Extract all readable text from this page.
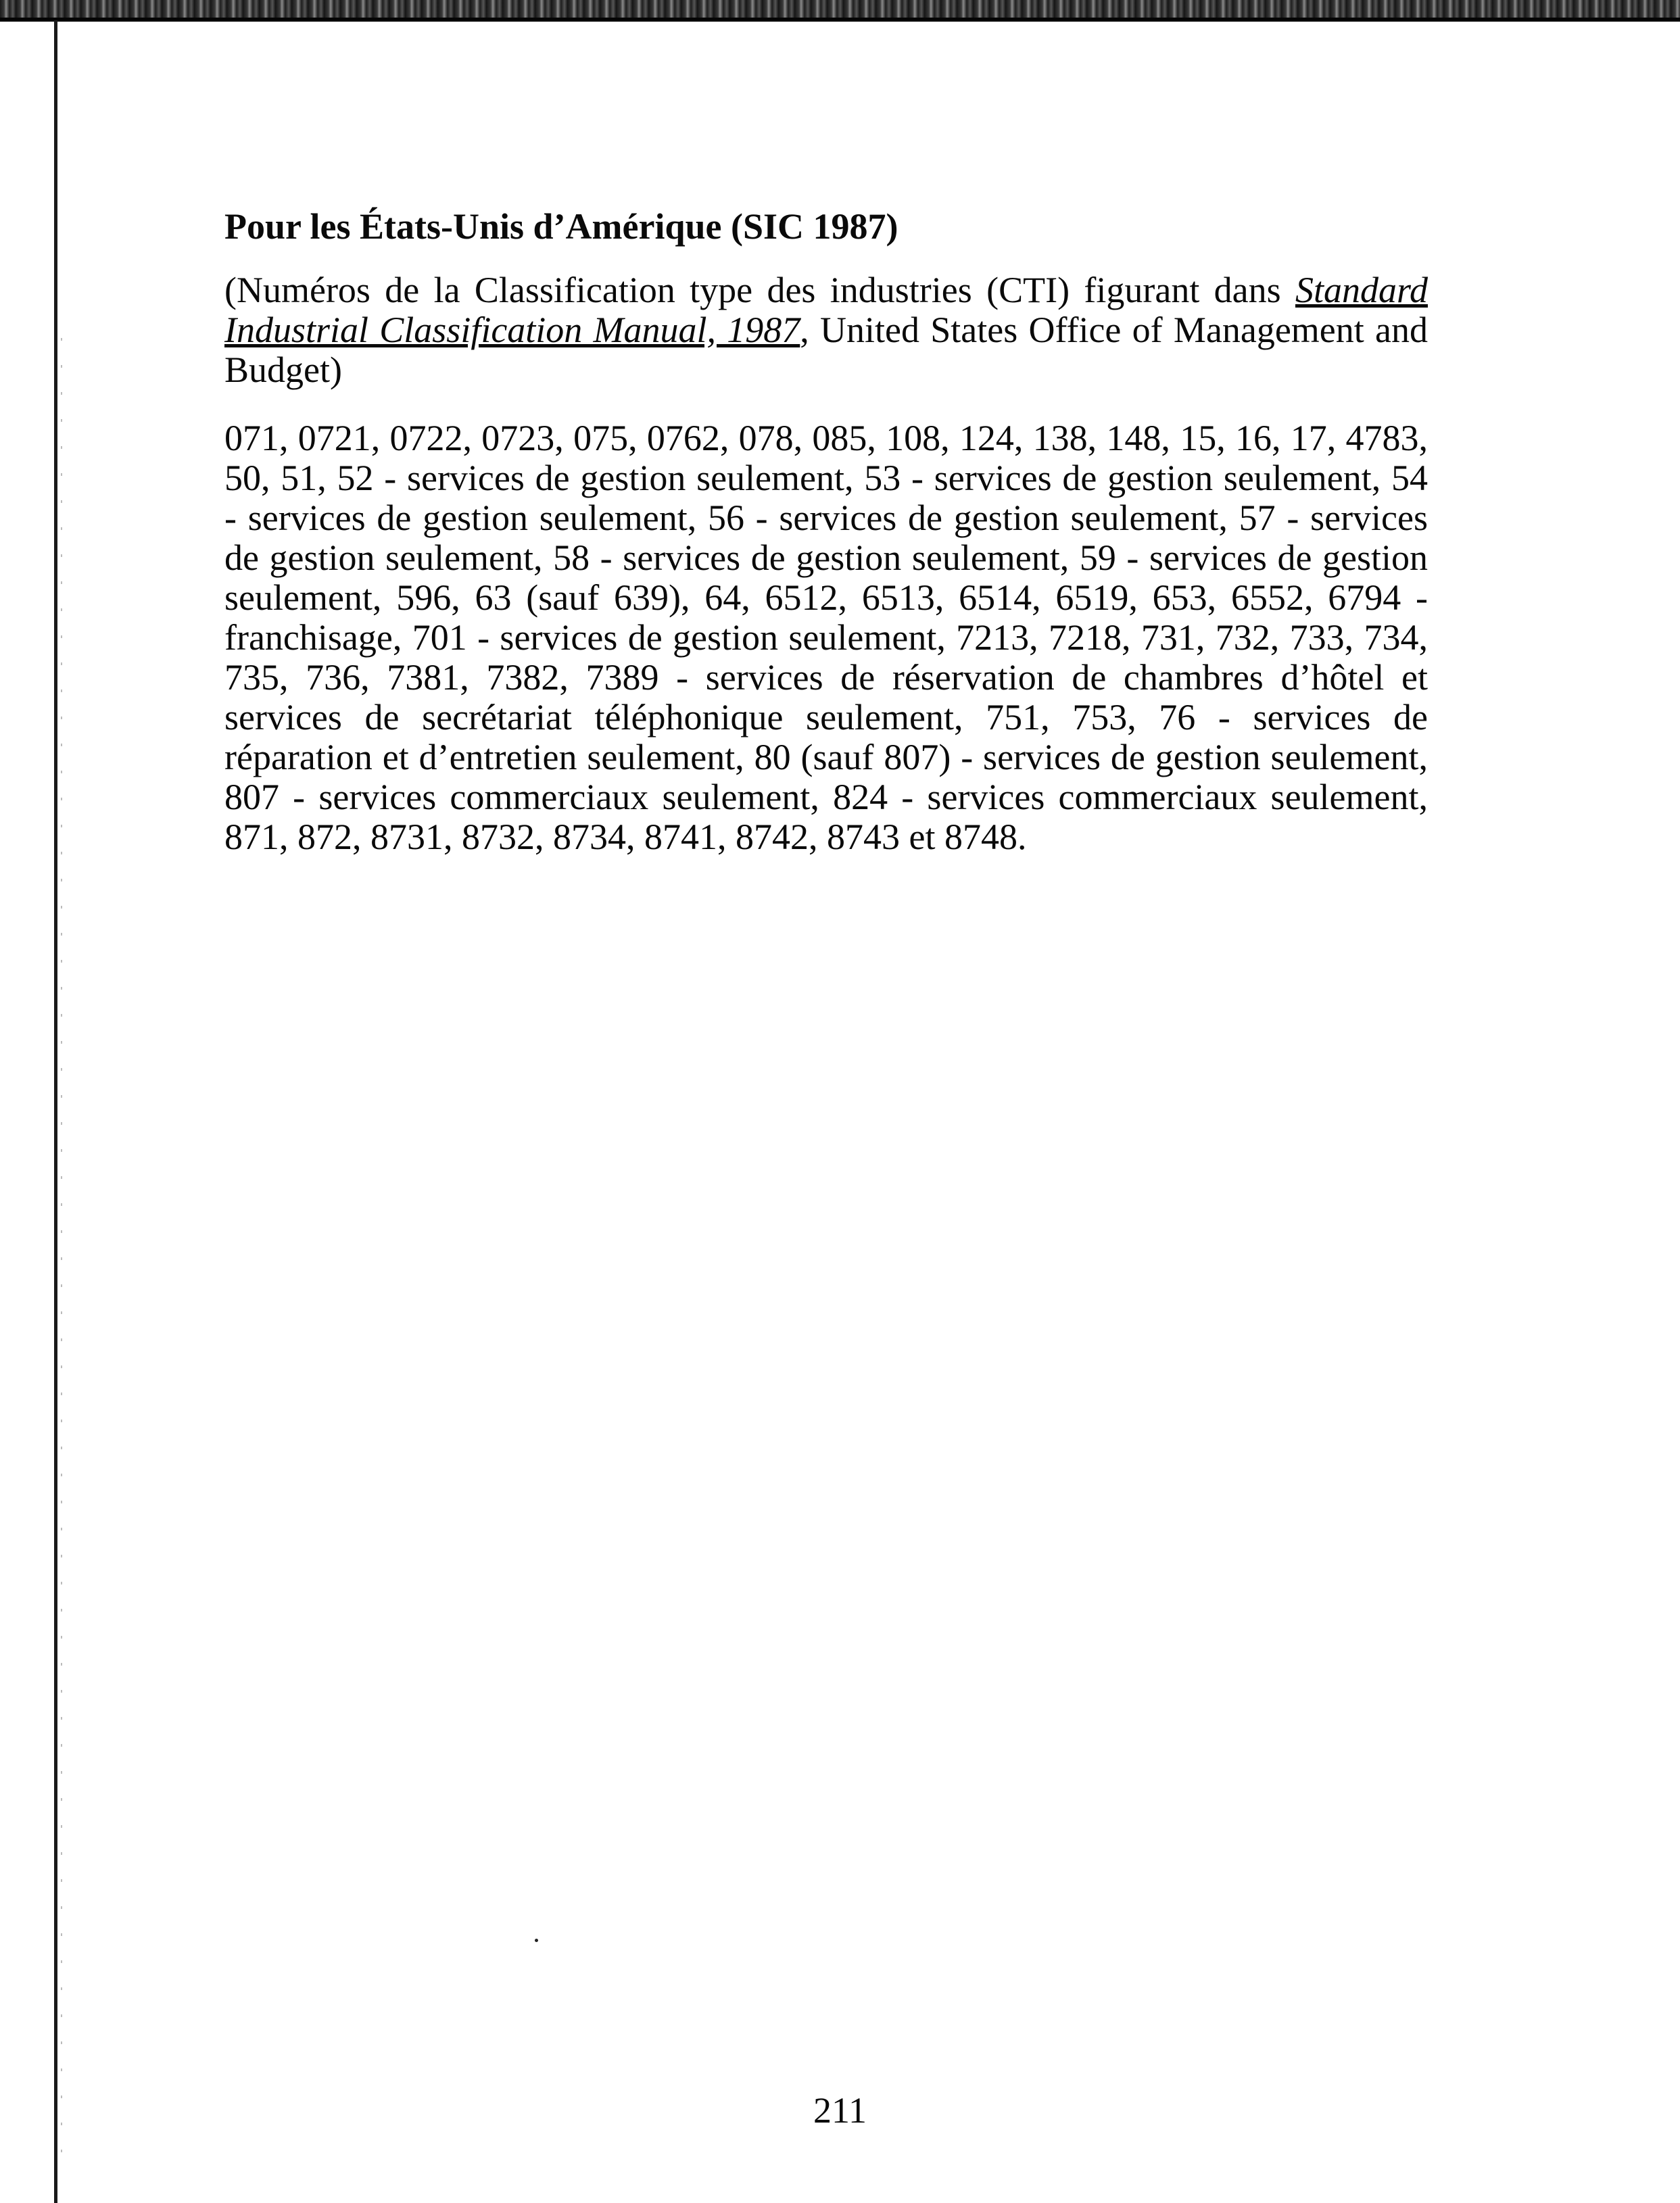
Pour les États-Unis d’Amérique (SIC 1987)

(Numéros de la Classification type des industries (CTI) figurant dans Standard Industrial Classification Manual, 1987, United States Office of Management and Budget)

071, 0721, 0722, 0723, 075, 0762, 078, 085, 108, 124, 138, 148, 15, 16, 17, 4783, 50, 51, 52 - services de gestion seulement, 53 - services de gestion seulement, 54 - services de gestion seulement, 56 - services de gestion seulement, 57 - services de gestion seulement, 58 - services de gestion seulement, 59 - services de gestion seulement, 596, 63 (sauf 639), 64, 6512, 6513, 6514, 6519, 653, 6552, 6794 - franchisage, 701 - services de gestion seulement, 7213, 7218, 731, 732, 733, 734, 735, 736, 7381, 7382, 7389 - services de réservation de chambres d’hôtel et services de secrétariat téléphonique seulement, 751, 753, 76 - services de réparation et d’entretien seulement, 80 (sauf 807) - services de gestion seulement, 807 - services commerciaux seulement, 824 - services commerciaux seulement, 871, 872, 8731, 8732, 8734, 8741, 8742, 8743 et 8748.

211
